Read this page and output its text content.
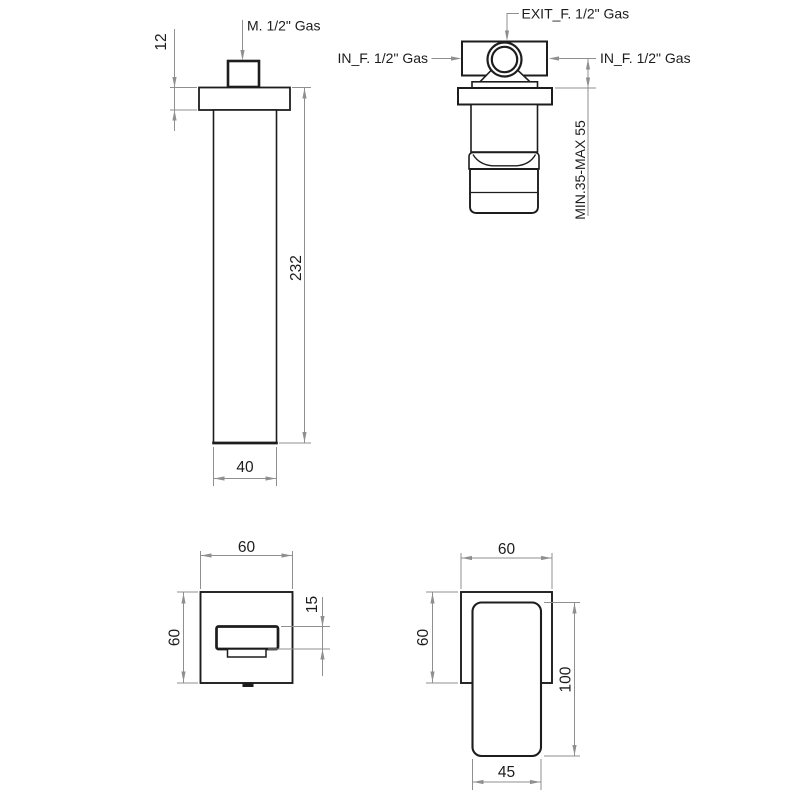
M. 1/2" Gas
12
232
40
EXIT_F. 1/2" Gas
IN_F. 1/2" Gas	IN_F. 1/2" Gas
MIN.35-MAX 55
60
60
15
60
60
100
45
